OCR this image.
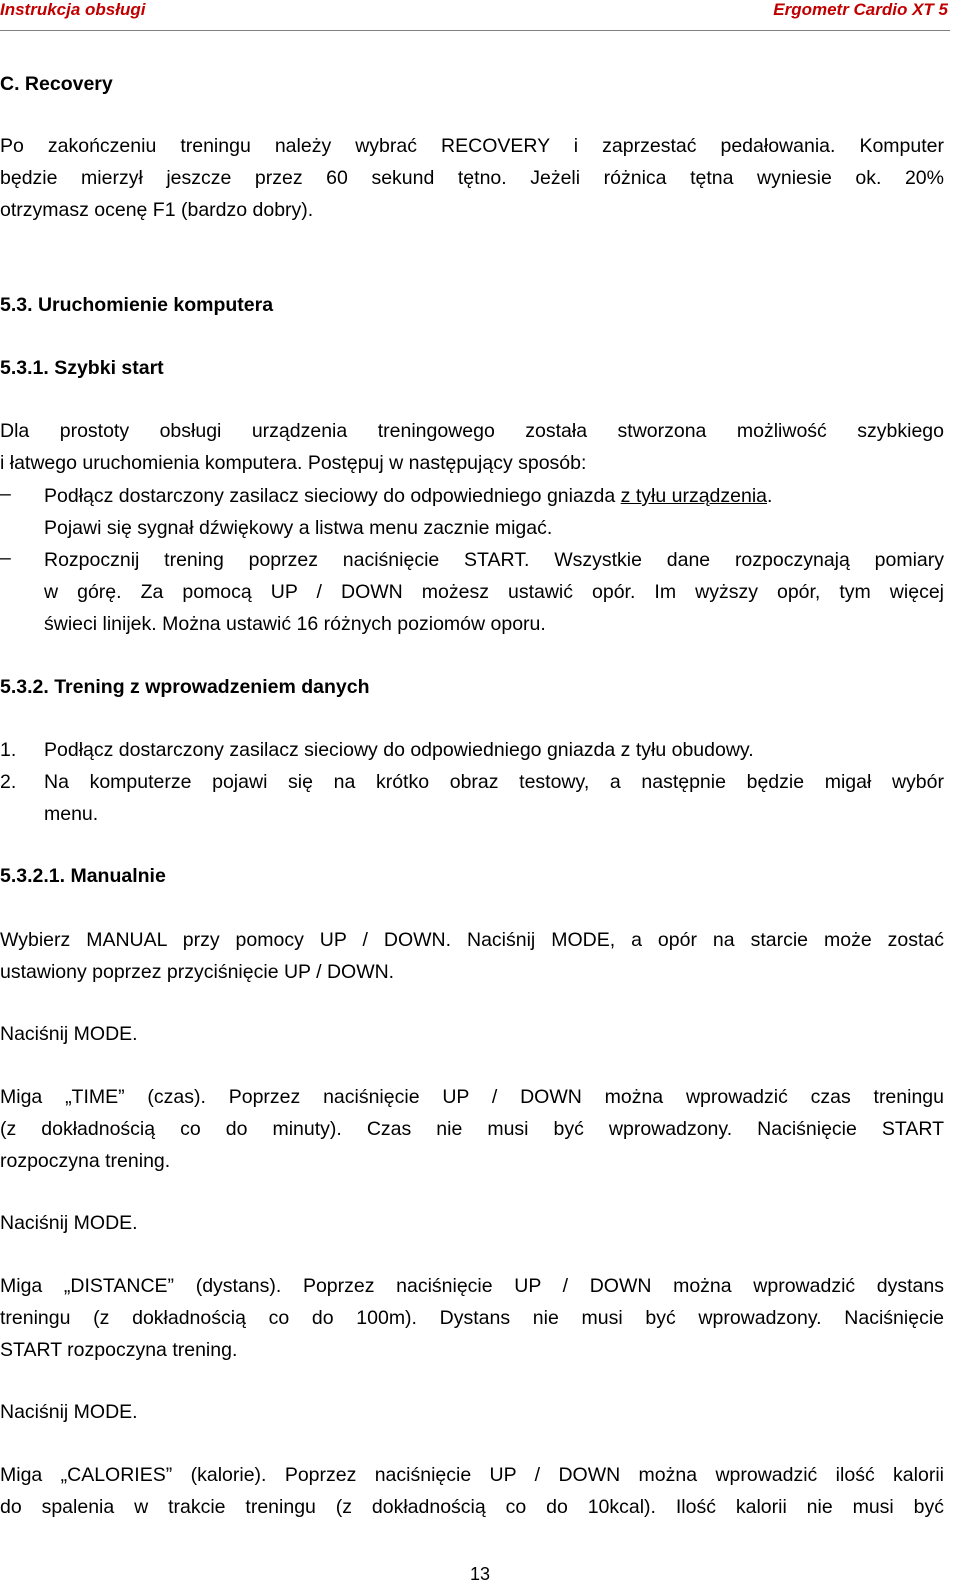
Instrukcja obsługi	Ergometr Cardio XT 5
C. Recovery
Po zakończeniu treningu należy wybrać RECOVERY i zaprzestać pedałowania. Komputer
będzie mierzył jeszcze przez 60 sekund tętno. Jeżeli różnica tętna wyniesie ok. 20%
otrzymasz ocenę F1 (bardzo dobry).
5.3. Uruchomienie komputera
5.3.1. Szybki start
Dla prostoty obsługi urządzenia treningowego została stworzona możliwość szybkiego
i łatwego uruchomienia komputera. Postępuj w następujący sposób:
–
Podłącz dostarczony zasilacz sieciowy do odpowiedniego gniazda z tyłu urządzenia.
Pojawi się sygnał dźwiękowy a listwa menu zacznie migać.
–
Rozpocznij trening poprzez naciśnięcie START. Wszystkie dane rozpoczynają pomiary
w górę. Za pomocą UP / DOWN możesz ustawić opór. Im wyższy opór, tym więcej
świeci linijek. Można ustawić 16 różnych poziomów oporu.
5.3.2. Trening z wprowadzeniem danych
1. Podłącz dostarczony zasilacz sieciowy do odpowiedniego gniazda z tyłu obudowy.
2. Na komputerze pojawi się na krótko obraz testowy, a następnie będzie migał wybór
menu.
5.3.2.1. Manualnie
Wybierz MANUAL przy pomocy UP / DOWN. Naciśnij MODE, a opór na starcie może zostać
ustawiony poprzez przyciśnięcie UP / DOWN.
Naciśnij MODE.
Miga „TIME” (czas). Poprzez naciśnięcie UP / DOWN można wprowadzić czas treningu
(z dokładnością co do minuty). Czas nie musi być wprowadzony. Naciśnięcie START
rozpoczyna trening.
Naciśnij MODE.
Miga „DISTANCE” (dystans). Poprzez naciśnięcie UP / DOWN można wprowadzić dystans
treningu (z dokładnością co do 100m). Dystans nie musi być wprowadzony. Naciśnięcie
START rozpoczyna trening.
Naciśnij MODE.
Miga „CALORIES” (kalorie). Poprzez naciśnięcie UP / DOWN można wprowadzić ilość kalorii
do spalenia w trakcie treningu (z dokładnością co do 10kcal). Ilość kalorii nie musi być
13
